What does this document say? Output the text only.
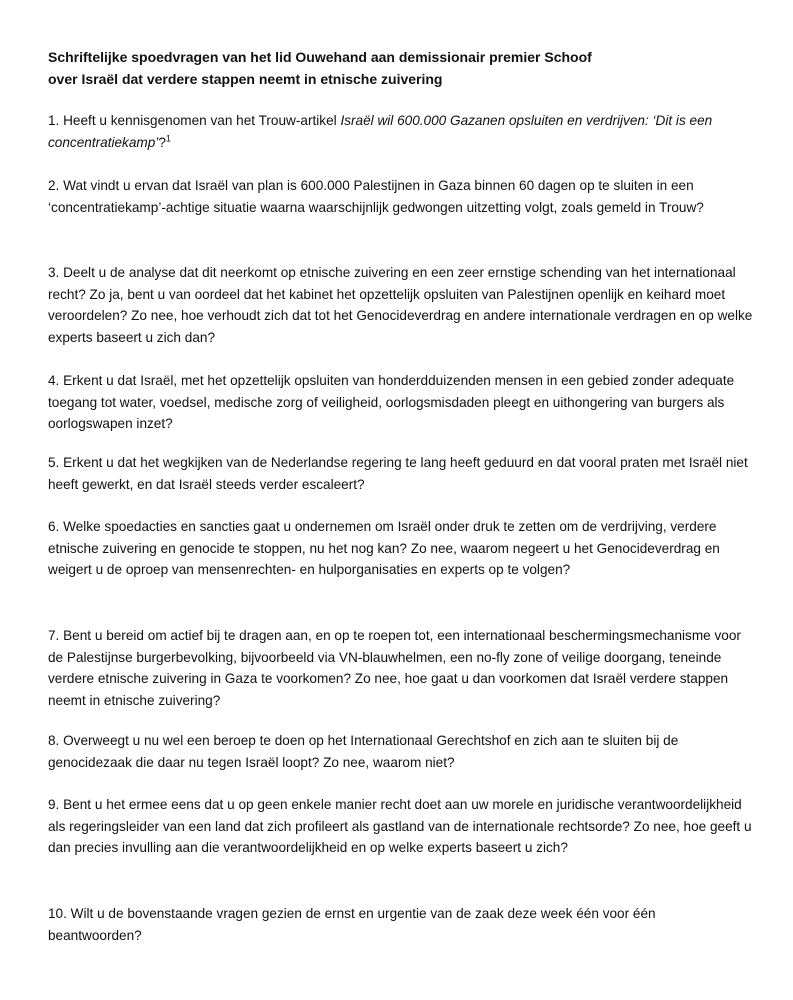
Schriftelijke spoedvragen van het lid Ouwehand aan demissionair premier Schoof
over Israël dat verdere stappen neemt in etnische zuivering

1. Heeft u kennisgenomen van het Trouw-artikel Israël wil 600.000 Gazanen opsluiten en verdrijven: ‘Dit is een concentratiekamp’?$^1$

2. Wat vindt u ervan dat Israël van plan is 600.000 Palestijnen in Gaza binnen 60 dagen op te sluiten in een ‘concentratiekamp’-achtige situatie waarna waarschijnlijk gedwongen uitzetting volgt, zoals gemeld in Trouw?

3. Deelt u de analyse dat dit neerkomt op etnische zuivering en een zeer ernstige schending van het internationaal recht? Zo ja, bent u van oordeel dat het kabinet het opzettelijk opsluiten van Palestijnen openlijk en keihard moet veroordelen? Zo nee, hoe verhoudt zich dat tot het Genocideverdrag en andere internationale verdragen en op welke experts baseert u zich dan?

4. Erkent u dat Israël, met het opzettelijk opsluiten van honderdduizenden mensen in een gebied zonder adequate toegang tot water, voedsel, medische zorg of veiligheid, oorlogsmisdaden pleegt en uithongering van burgers als oorlogswapen inzet?

5. Erkent u dat het wegkijken van de Nederlandse regering te lang heeft geduurd en dat vooral praten met Israël niet heeft gewerkt, en dat Israël steeds verder escaleert?

6. Welke spoedacties en sancties gaat u ondernemen om Israël onder druk te zetten om de verdrijving, verdere etnische zuivering en genocide te stoppen, nu het nog kan? Zo nee, waarom negeert u het Genocideverdrag en weigert u de oproep van mensenrechten- en hulporganisaties en experts op te volgen?

7. Bent u bereid om actief bij te dragen aan, en op te roepen tot, een internationaal beschermingsmechanisme voor de Palestijnse burgerbevolking, bijvoorbeeld via VN-blauwhelmen, een no-fly zone of veilige doorgang, teneinde verdere etnische zuivering in Gaza te voorkomen? Zo nee, hoe gaat u dan voorkomen dat Israël verdere stappen neemt in etnische zuivering?

8. Overweegt u nu wel een beroep te doen op het Internationaal Gerechtshof en zich aan te sluiten bij de genocidezaak die daar nu tegen Israël loopt? Zo nee, waarom niet?

9. Bent u het ermee eens dat u op geen enkele manier recht doet aan uw morele en juridische verantwoordelijkheid als regeringsleider van een land dat zich profileert als gastland van de internationale rechtsorde? Zo nee, hoe geeft u dan precies invulling aan die verantwoordelijkheid en op welke experts baseert u zich?

10. Wilt u de bovenstaande vragen gezien de ernst en urgentie van de zaak deze week één voor één beantwoorden?
